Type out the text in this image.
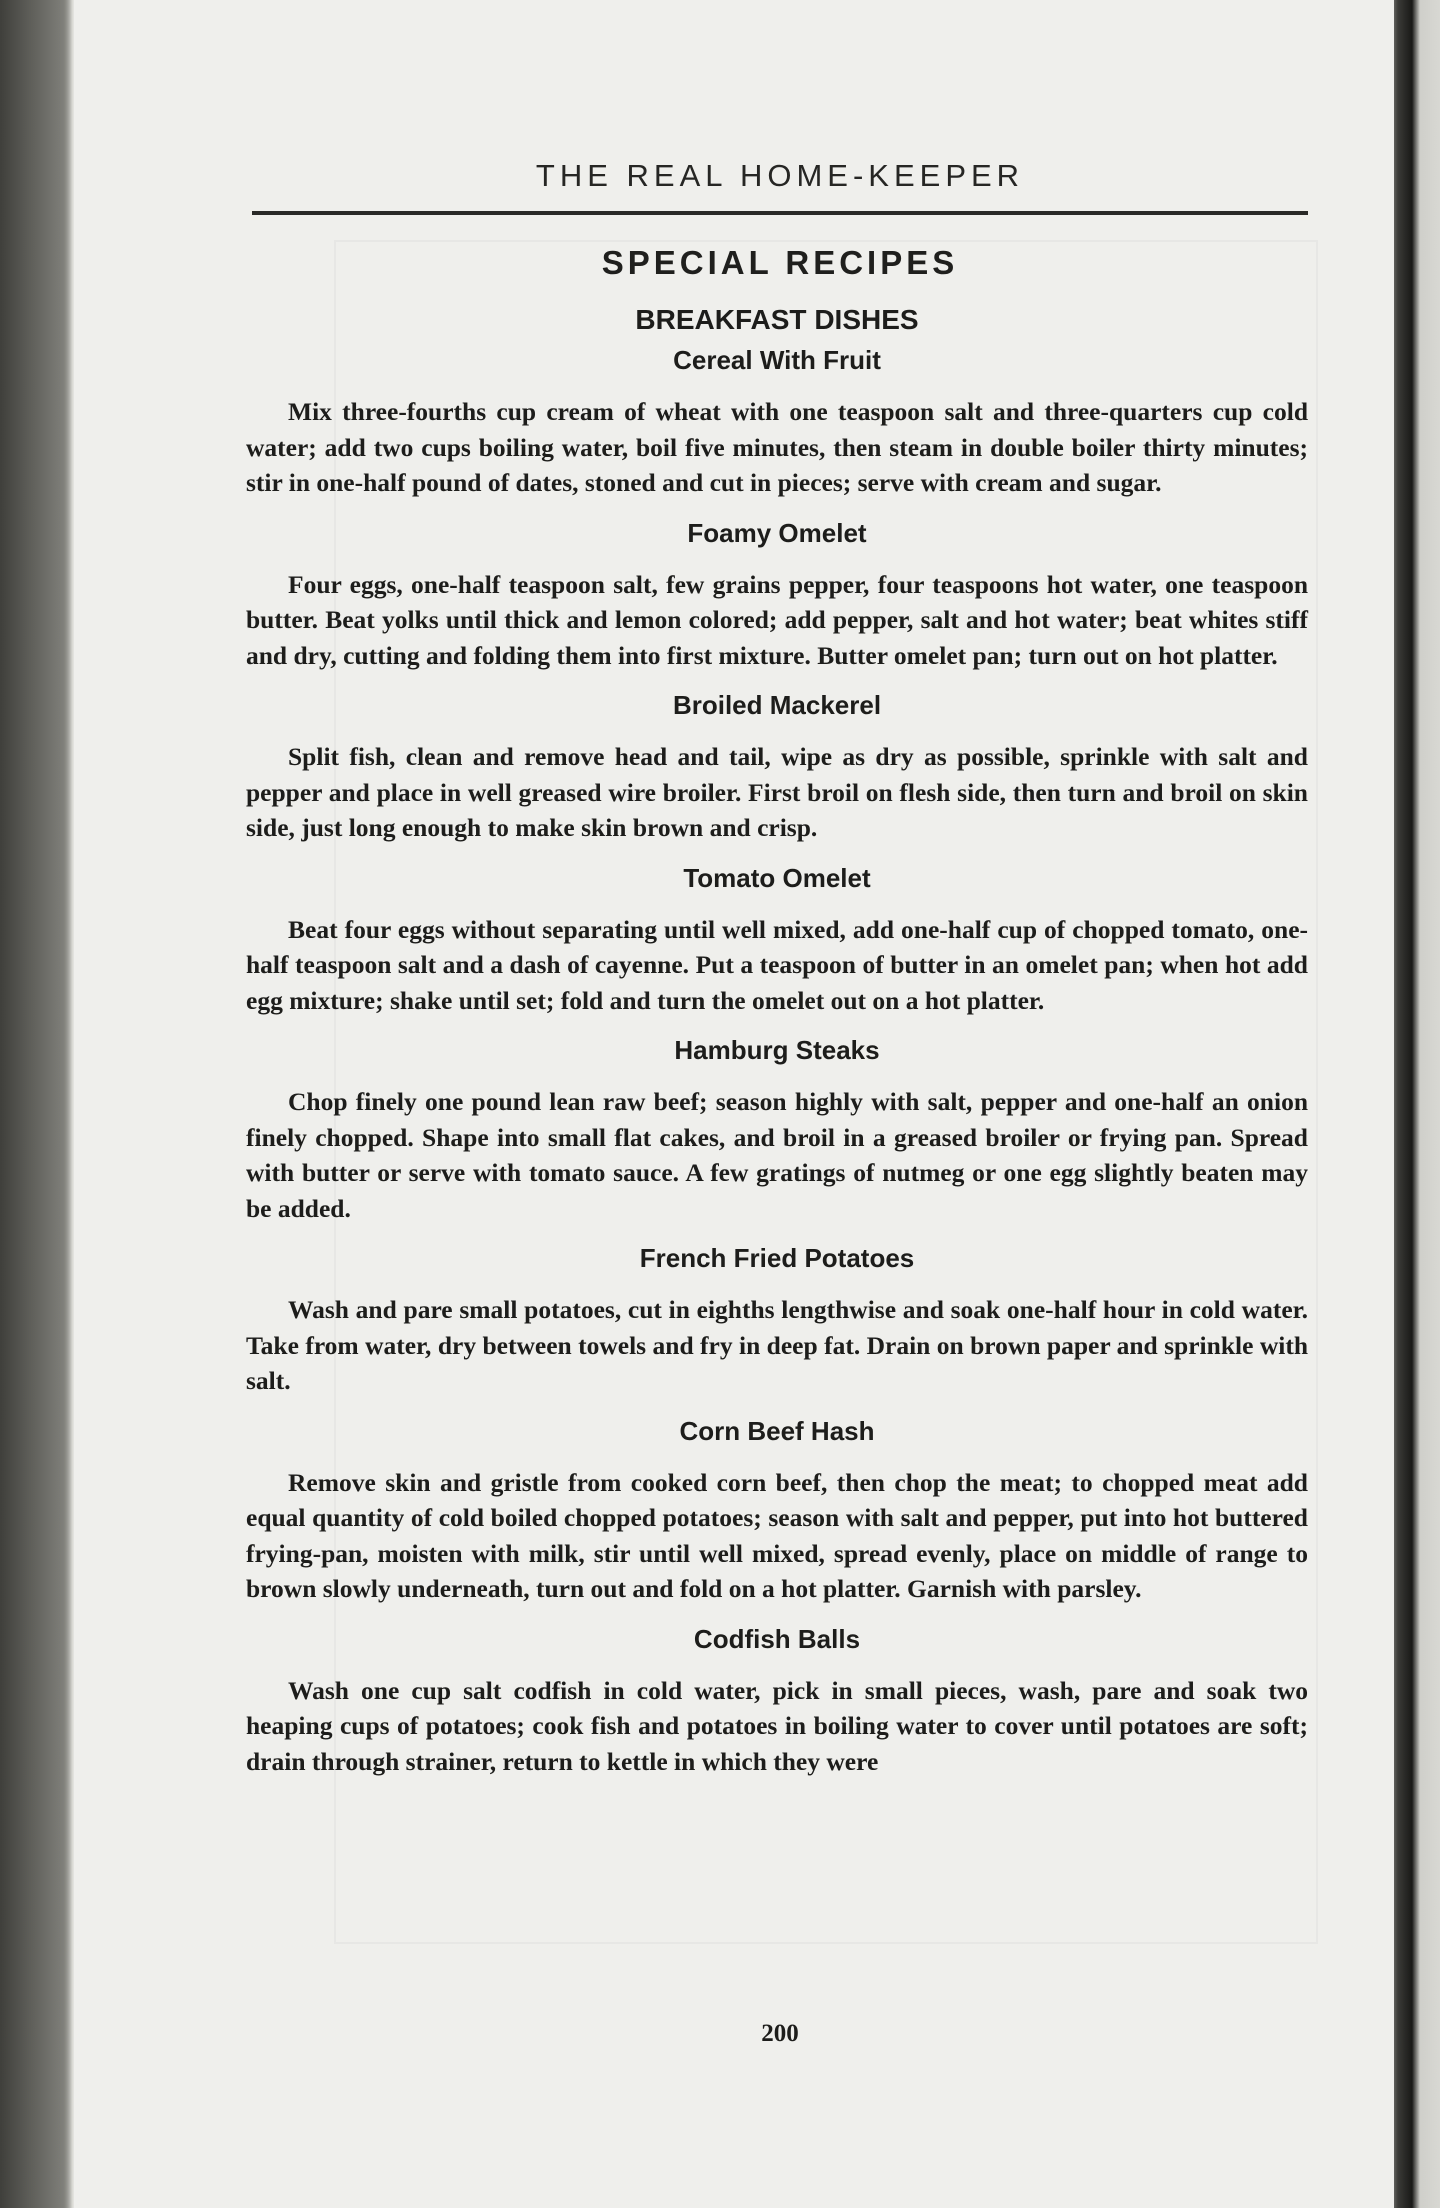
THE REAL HOME-KEEPER
SPECIAL RECIPES
BREAKFAST DISHES
Cereal With Fruit

Mix three-fourths cup cream of wheat with one teaspoon salt and three-quarters cup cold water; add two cups boiling water, boil five minutes, then steam in double boiler thirty minutes; stir in one-half pound of dates, stoned and cut in pieces; serve with cream and sugar.

Foamy Omelet

Four eggs, one-half teaspoon salt, few grains pepper, four teaspoons hot water, one teaspoon butter. Beat yolks until thick and lemon colored; add pepper, salt and hot water; beat whites stiff and dry, cutting and folding them into first mixture. Butter omelet pan; turn out on hot platter.

Broiled Mackerel

Split fish, clean and remove head and tail, wipe as dry as possible, sprinkle with salt and pepper and place in well greased wire broiler. First broil on flesh side, then turn and broil on skin side, just long enough to make skin brown and crisp.

Tomato Omelet

Beat four eggs without separating until well mixed, add one-half cup of chopped tomato, one-half teaspoon salt and a dash of cayenne. Put a teaspoon of butter in an omelet pan; when hot add egg mixture; shake until set; fold and turn the omelet out on a hot platter.

Hamburg Steaks

Chop finely one pound lean raw beef; season highly with salt, pepper and one-half an onion finely chopped. Shape into small flat cakes, and broil in a greased broiler or frying pan. Spread with butter or serve with tomato sauce. A few gratings of nutmeg or one egg slightly beaten may be added.

French Fried Potatoes

Wash and pare small potatoes, cut in eighths lengthwise and soak one-half hour in cold water. Take from water, dry between towels and fry in deep fat. Drain on brown paper and sprinkle with salt.

Corn Beef Hash

Remove skin and gristle from cooked corn beef, then chop the meat; to chopped meat add equal quantity of cold boiled chopped potatoes; season with salt and pepper, put into hot buttered frying-pan, moisten with milk, stir until well mixed, spread evenly, place on middle of range to brown slowly underneath, turn out and fold on a hot platter. Garnish with parsley.

Codfish Balls

Wash one cup salt codfish in cold water, pick in small pieces, wash, pare and soak two heaping cups of potatoes; cook fish and potatoes in boiling water to cover until potatoes are soft; drain through strainer, return to kettle in which they were

200
